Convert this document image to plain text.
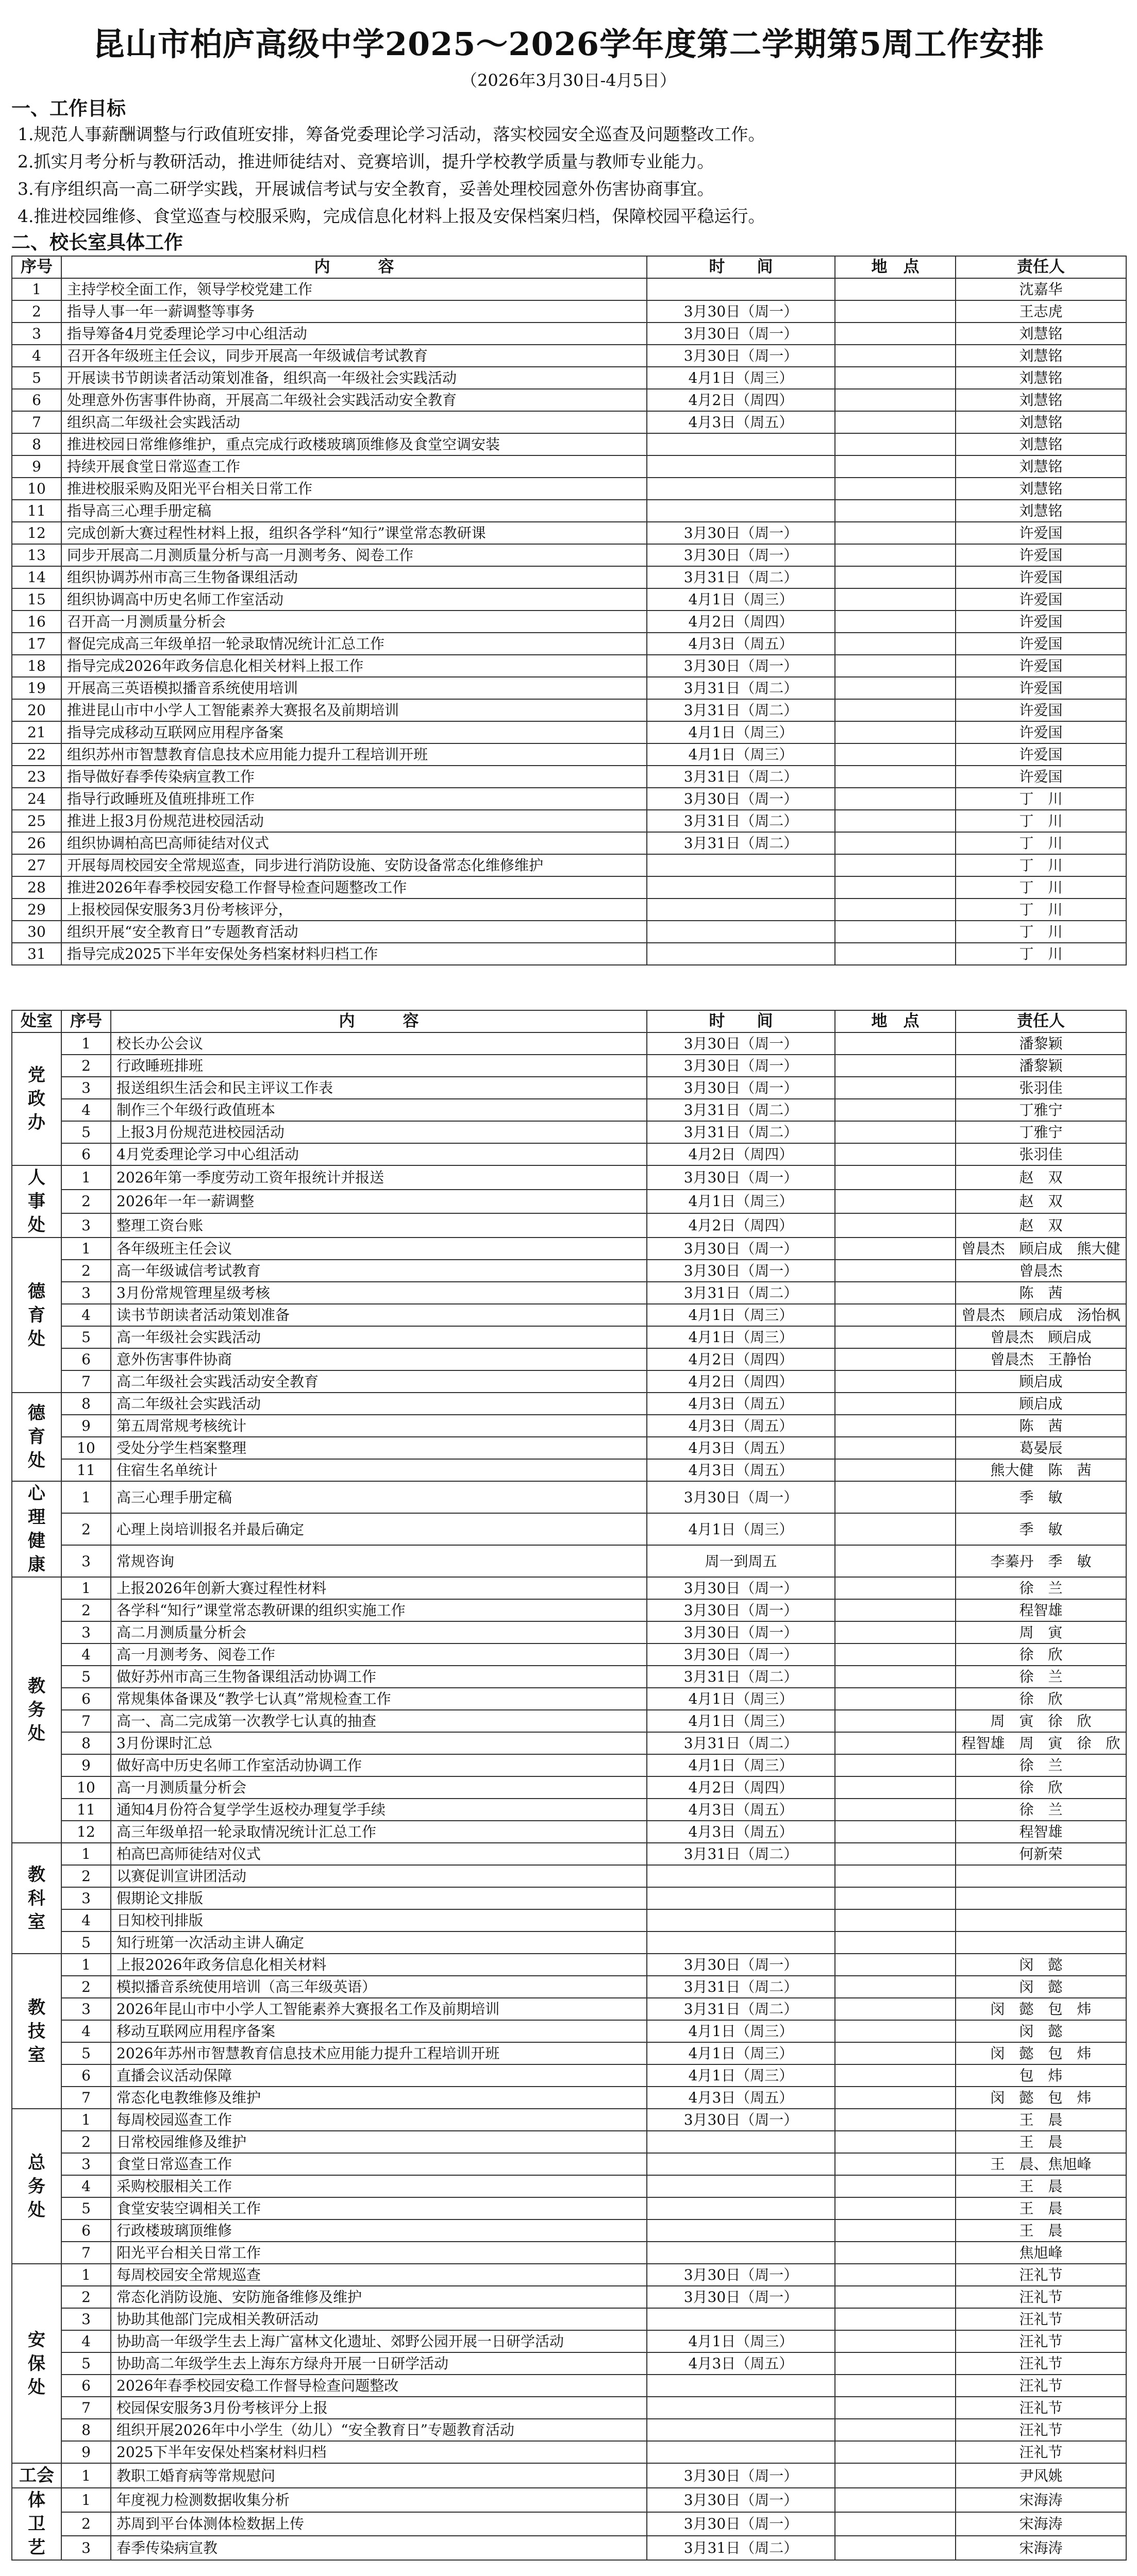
昆山市柏庐高级中学2025～2026学年度第二学期第5周工作安排

（2026年3月30日-4月5日）

一、工作目标
1.规范人事薪酬调整与行政值班安排，筹备党委理论学习活动，落实校园安全巡查及问题整改工作。
2.抓实月考分析与教研活动，推进师徒结对、竞赛培训，提升学校教学质量与教师专业能力。
3.有序组织高一高二研学实践，开展诚信考试与安全教育，妥善处理校园意外伤害协商事宜。
4.推进校园维修、食堂巡查与校服采购，完成信息化材料上报及安保档案归档，保障校园平稳运行。
二、校长室具体工作
序号	内　　　容	时　　间	地　点	责任人
1	主持学校全面工作，领导学校党建工作			沈嘉华
2	指导人事一年一薪调整等事务	3月30日（周一）		王志虎
3	指导筹备4月党委理论学习中心组活动	3月30日（周一）		刘慧铭
4	召开各年级班主任会议，同步开展高一年级诚信考试教育	3月30日（周一）		刘慧铭
5	开展读书节朗读者活动策划准备，组织高一年级社会实践活动	4月1日（周三）		刘慧铭
6	处理意外伤害事件协商，开展高二年级社会实践活动安全教育	4月2日（周四）		刘慧铭
7	组织高二年级社会实践活动	4月3日（周五）		刘慧铭
8	推进校园日常维修维护，重点完成行政楼玻璃顶维修及食堂空调安装			刘慧铭
9	持续开展食堂日常巡查工作			刘慧铭
10	推进校服采购及阳光平台相关日常工作			刘慧铭
11	指导高三心理手册定稿			刘慧铭
12	完成创新大赛过程性材料上报，组织各学科“知行”课堂常态教研课	3月30日（周一）		许爱国
13	同步开展高二月测质量分析与高一月测考务、阅卷工作	3月30日（周一）		许爱国
14	组织协调苏州市高三生物备课组活动	3月31日（周二）		许爱国
15	组织协调高中历史名师工作室活动	4月1日（周三）		许爱国
16	召开高一月测质量分析会	4月2日（周四）		许爱国
17	督促完成高三年级单招一轮录取情况统计汇总工作	4月3日（周五）		许爱国
18	指导完成2026年政务信息化相关材料上报工作	3月30日（周一）		许爱国
19	开展高三英语模拟播音系统使用培训	3月31日（周二）		许爱国
20	推进昆山市中小学人工智能素养大赛报名及前期培训	3月31日（周二）		许爱国
21	指导完成移动互联网应用程序备案	4月1日（周三）		许爱国
22	组织苏州市智慧教育信息技术应用能力提升工程培训开班	4月1日（周三）		许爱国
23	指导做好春季传染病宣教工作	3月31日（周二）		许爱国
24	指导行政睡班及值班排班工作	3月30日（周一）		丁　川
25	推进上报3月份规范进校园活动	3月31日（周二）		丁　川
26	组织协调柏高巴高师徒结对仪式	3月31日（周二）		丁　川
27	开展每周校园安全常规巡查，同步进行消防设施、安防设备常态化维修维护			丁　川
28	推进2026年春季校园安稳工作督导检查问题整改工作			丁　川
29	上报校园保安服务3月份考核评分，			丁　川
30	组织开展“安全教育日”专题教育活动			丁　川
31	指导完成2025下半年安保处务档案材料归档工作			丁　川
处室	序号	内　　　容	时　　间	地　点	责任人

党
政
办	1	校长办公会议	3月30日（周一）		潘黎颖
	2	行政睡班排班	3月30日（周一）		潘黎颖
	3	报送组织生活会和民主评议工作表	3月30日（周一）		张羽佳
	4	制作三个年级行政值班本	3月31日（周二）		丁雅宁
	5	上报3月份规范进校园活动	3月31日（周二）		丁雅宁
	6	4月党委理论学习中心组活动	4月2日（周四）		张羽佳

人
事
处	1	2026年第一季度劳动工资年报统计并报送	3月30日（周一）		赵　双
	2	2026年一年一薪调整	4月1日（周三）		赵　双
	3	整理工资台账	4月2日（周四）		赵　双

德
育
处	1	各年级班主任会议	3月30日（周一）		曾晨杰　顾启成　熊大健
	2	高一年级诚信考试教育	3月30日（周一）		曾晨杰
	3	3月份常规管理星级考核	3月31日（周二）		陈　茜
	4	读书节朗读者活动策划准备	4月1日（周三）		曾晨杰　顾启成　汤怡枫
	5	高一年级社会实践活动	4月1日（周三）		曾晨杰　顾启成
	6	意外伤害事件协商	4月2日（周四）		曾晨杰　王静怡
	7	高二年级社会实践活动安全教育	4月2日（周四）		顾启成

德
育
处	8	高二年级社会实践活动	4月3日（周五）		顾启成
	9	第五周常规考核统计	4月3日（周五）		陈　茜
	10	受处分学生档案整理	4月3日（周五）		葛晏辰
	11	住宿生名单统计	4月3日（周五）		熊大健　陈　茜

心
理
健
康	1	高三心理手册定稿	3月30日（周一）		季　敏
	2	心理上岗培训报名并最后确定	4月1日（周三）		季　敏
	3	常规咨询	周一到周五		李蓁丹　季　敏

教
务
处	1	上报2026年创新大赛过程性材料	3月30日（周一）		徐　兰
	2	各学科“知行”课堂常态教研课的组织实施工作	3月30日（周一）		程智雄
	3	高二月测质量分析会	3月30日（周一）		周　寅
	4	高一月测考务、阅卷工作	3月30日（周一）		徐　欣
	5	做好苏州市高三生物备课组活动协调工作	3月31日（周二）		徐　兰
	6	常规集体备课及“教学七认真”常规检查工作	4月1日（周三）		徐　欣
	7	高一、高二完成第一次教学七认真的抽查	4月1日（周三）		周　寅　徐　欣
	8	3月份课时汇总	3月31日（周二）		程智雄　周　寅　徐　欣
	9	做好高中历史名师工作室活动协调工作	4月1日（周三）		徐　兰
	10	高一月测质量分析会	4月2日（周四）		徐　欣
	11	通知4月份符合复学学生返校办理复学手续	4月3日（周五）		徐　兰
	12	高三年级单招一轮录取情况统计汇总工作	4月3日（周五）		程智雄

教
科
室	1	柏高巴高师徒结对仪式	3月31日（周二）		何新荣
	2	以赛促训宣讲团活动			
	3	假期论文排版			
	4	日知校刊排版			
	5	知行班第一次活动主讲人确定			

教
技
室	1	上报2026年政务信息化相关材料	3月30日（周一）		闵　懿
	2	模拟播音系统使用培训（高三年级英语）	3月31日（周二）		闵　懿
	3	2026年昆山市中小学人工智能素养大赛报名工作及前期培训	3月31日（周二）		闵　懿　包　炜
	4	移动互联网应用程序备案	4月1日（周三）		闵　懿
	5	2026年苏州市智慧教育信息技术应用能力提升工程培训开班	4月1日（周三）		闵　懿　包　炜
	6	直播会议活动保障	4月1日（周三）		包　炜
	7	常态化电教维修及维护	4月3日（周五）		闵　懿　包　炜

总
务
处	1	每周校园巡查工作	3月30日（周一）		王　晨
	2	日常校园维修及维护			王　晨
	3	食堂日常巡查工作			王　晨、焦旭峰
	4	采购校服相关工作			王　晨
	5	食堂安装空调相关工作			王　晨
	6	行政楼玻璃顶维修			王　晨
	7	阳光平台相关日常工作			焦旭峰

安
保
处	1	每周校园安全常规巡查	3月30日（周一）		汪礼节
	2	常态化消防设施、安防施备维修及维护	3月30日（周一）		汪礼节
	3	协助其他部门完成相关教研活动			汪礼节
	4	协助高一年级学生去上海广富林文化遗址、郊野公园开展一日研学活动	4月1日（周三）		汪礼节
	5	协助高二年级学生去上海东方绿舟开展一日研学活动	4月3日（周五）		汪礼节
	6	2026年春季校园安稳工作督导检查问题整改			汪礼节
	7	校园保安服务3月份考核评分上报			汪礼节
	8	组织开展2026年中小学生（幼儿）“安全教育日”专题教育活动			汪礼节
	9	2025下半年安保处档案材料归档			汪礼节

工会	1	教职工婚育病等常规慰问	3月30日（周一）		尹风姚

体
卫
艺	1	年度视力检测数据收集分析	3月30日（周一）		宋海涛
	2	苏周到平台体测体检数据上传	3月30日（周一）		宋海涛
	3	春季传染病宣教	3月31日（周二）		宋海涛
